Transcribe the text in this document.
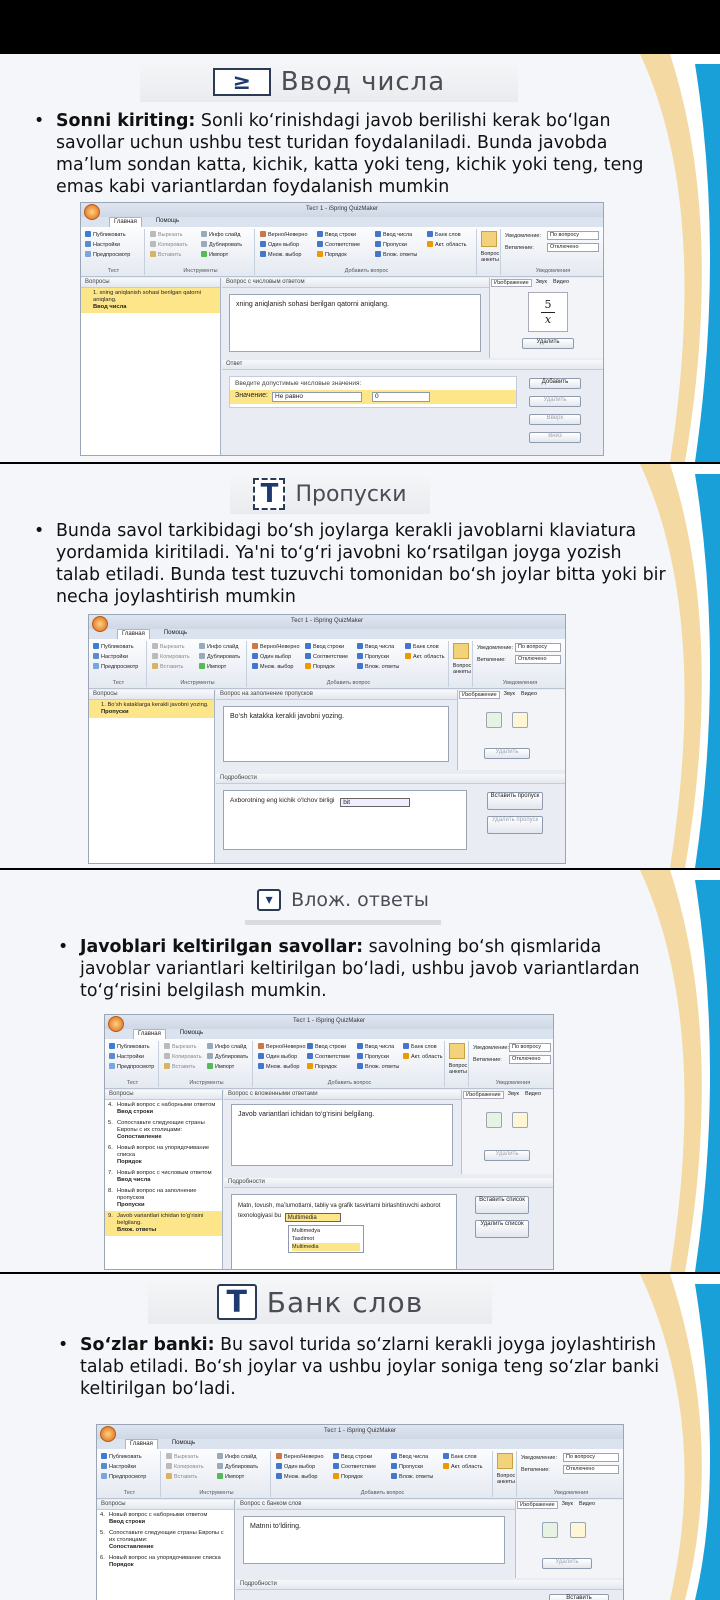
≥	Ввод числа
• Sonni kiriting: Sonli ko‘rinishdagi javob berilishi kerak bo‘lgan savollar uchun ushbu test turidan foydalaniladi. Bunda javobda ma’lum sondan katta, kichik, katta yoki teng, kichik yoki teng, teng emas kabi variantlardan foydalanish mumkin
Тест 1 - iSpring QuizMaker
Главная	Помощь
Публиковать
Настройки
Предпросмотр
Тест
Вырезать
Копировать
Вставить
Инфо слайд
Дублировать
Импорт
Инструменты
Верно/Неверно
Один выбор
Множ. выбор
Ввод строки
Соответствие
Порядок
Ввод числа
Пропуски
Влож. ответы
Банк слов
Акт. область
Добавить вопрос
Вопрос анкеты
Уведомление:	По вопросу
Ветвление:	Отключено
Уведомления
Вопросы
1. xning aniqlanish sohasi berilgan qatorni aniqlang.
Ввод числа
Вопрос с числовым ответом
xning aniqlanish sohasi berilgan qatorni aniqlang.
Изображение	Звук	Видео
5
x
Удалить
Ответ
Введите допустимые числовые значения:
Значение:	Не равно	0
Добавить
Удалить
Вверх
Вниз
T Пропуски
• Bunda savol tarkibidagi bo‘sh joylarga kerakli javoblarni klaviatura yordamida kiritiladi. Ya'ni to‘g‘ri javobni ko‘rsatilgan joyga yozish talab etiladi. Bunda test tuzuvchi tomonidan bo‘sh joylar bitta yoki bir necha joylashtirish mumkin
Тест 1 - iSpring QuizMaker
Главная	Помощь
Публиковать
Настройки
Предпросмотр
Тест
Вырезать
Копировать
Вставить
Инфо слайд
Дублировать
Импорт
Инструменты
Верно/Неверно
Один выбор
Множ. выбор
Ввод строки
Соответствие
Порядок
Ввод числа
Пропуски
Влож. ответы
Банк слов
Акт. область
Добавить вопрос
Вопрос анкеты
Уведомление: По вопросу
Ветвление:	Отключено
Уведомления
Вопросы
1. Bo‘sh kataklarga kerakli javobni yozing.
Пропуски
Вопрос на заполнение пропусков
Bo‘sh katakka kerakli javobni yozing.
Изображение	Звук	Видео
Удалить
Подробности
Axborotning eng kichik o‘lchov birligi bit
Вставить пропуск
Удалить пропуск
▾ Влож. ответы
• Javoblari keltirilgan savollar: savolning bo‘sh qismlarida javoblar variantlari keltirilgan bo‘ladi, ushbu javob variantlardan to‘g‘risini belgilash mumkin.
Тест 1 - iSpring QuizMaker
Главная	Помощь
Публиковать
Настройки
Предпросмотр
Тест
Вырезать
Копировать
Вставить
Инфо слайд
Дублировать
Импорт
Инструменты
Верно/Неверно
Один выбор
Множ. выбор
Ввод строки
Соответствие
Порядок
Ввод числа
Пропуски
Влож. ответы
Банк слов
Акт. область
Добавить вопрос
Вопрос анкеты
Уведомление: По вопросу
Ветвление:	Отключено
Уведомления
Вопросы
4. Новый вопрос с наборными ответом
Ввод строки
5. Сопоставьте следующие страны Европы с их столицами:
Сопоставление
6. Новый вопрос на упорядочивание списка
Порядок
7. Новый вопрос с числовым ответом
Ввод числа
8. Новый вопрос на заполнение пропусков
Пропуски
9. Javob variantlari ichidan to‘g‘risini belgilang.
Влож. ответы
Вопрос с вложенными ответами
Javob variantlari ichidan to‘g‘risini belgilang.
Изображение	Звук	Видео
Удалить
Подробности
Matn, tovush, ma’lumotlarni, tabliy va grafik tasvirlarni birlashtiruvchi axborot texnologiyasi bu Multimedia
Multimedya
Tasdimot
Multimedia
Вставить список
Удалить список
T Банк слов
• So‘zlar banki: Bu savol turida so‘zlarni kerakli joyga joylashtirish talab etiladi. Bo‘sh joylar va ushbu joylar soniga teng so‘zlar banki keltirilgan bo‘ladi.
Тест 1 - iSpring QuizMaker
Главная	Помощь
Публиковать
Настройки
Предпросмотр
Тест
Вырезать
Копировать
Вставить
Инфо слайд
Дублировать
Импорт
Инструменты
Верно/Неверно
Один выбор
Множ. выбор
Ввод строки
Соответствие
Порядок
Ввод числа
Пропуски
Влож. ответы
Банк слов
Акт. область
Добавить вопрос
Вопрос анкеты
Уведомление:	По вопросу
Ветвление:	Отключено
Уведомления
Вопросы
4. Новый вопрос с наборными ответом
Ввод строки
5. Сопоставьте следующие страны Европы с их столицами:
Сопоставление
6. Новый вопрос на упорядочивание списка
Порядок
Вопрос с банком слов
Matnni to‘ldiring.
Изображение	Звук	Видео
Удалить
Подробности
Вставить
